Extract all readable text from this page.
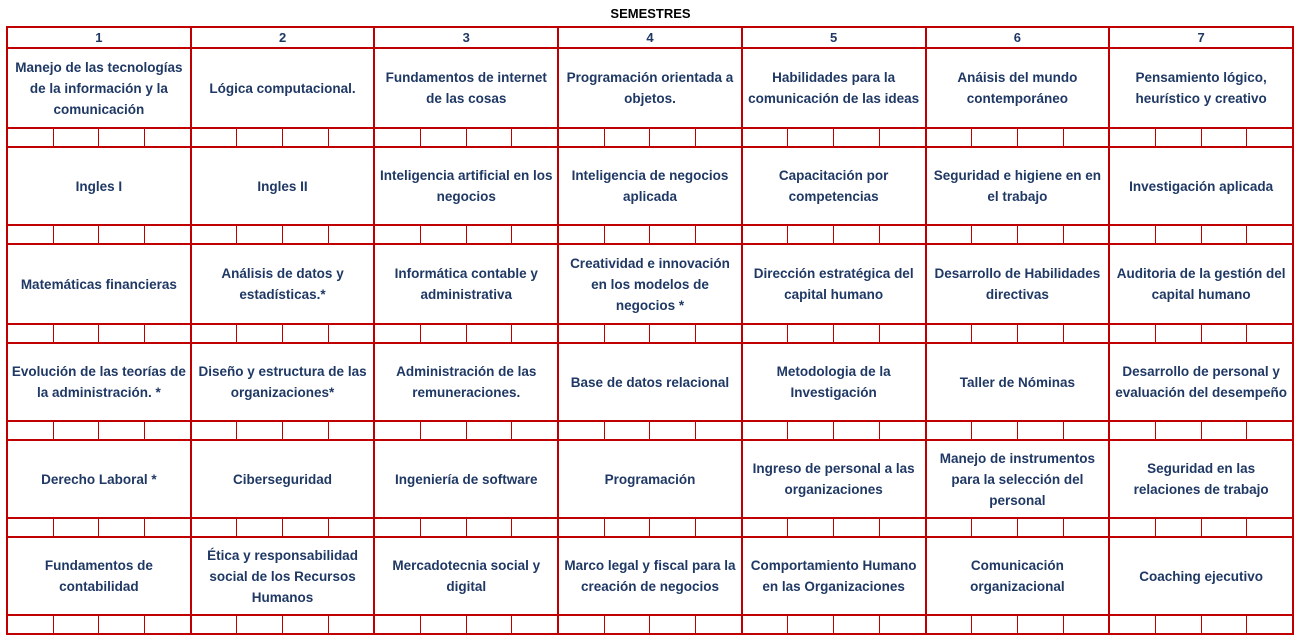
SEMESTRES
1	2	3	4	5	6	7

Manejo de las tecnologías de la información y la comunicación	Lógica computacional.	Fundamentos de internet de las cosas	Programación orientada a objetos.	Habilidades para la comunicación de las ideas	Anáisis del mundo contemporáneo	Pensamiento lógico, heurístico y creativo

Ingles I	Ingles II	Inteligencia artificial en los negocios	Inteligencia de negocios aplicada	Capacitación por competencias	Seguridad e higiene en en el trabajo	Investigación aplicada

Matemáticas financieras	Análisis de datos y estadísticas.*	Informática contable y administrativa	Creatividad e innovación en los modelos de negocios *	Dirección estratégica del capital humano	Desarrollo de Habilidades directivas	Auditoria de la gestión del capital humano

Evolución de las teorías de la administración. *	Diseño y estructura de las organizaciones*	Administración de las remuneraciones.	Base de datos relacional	Metodologia de la Investigación	Taller de Nóminas	Desarrollo de personal y evaluación del desempeño

Derecho Laboral *	Ciberseguridad	Ingeniería de software	Programación	Ingreso de personal a las organizaciones	Manejo de instrumentos para la selección del personal	Seguridad en las relaciones de trabajo

Fundamentos de contabilidad	Ética y responsabilidad social de los Recursos Humanos	Mercadotecnia social y digital	Marco legal y fiscal para la creación de negocios	Comportamiento Humano en las Organizaciones	Comunicación organizacional	Coaching ejecutivo
